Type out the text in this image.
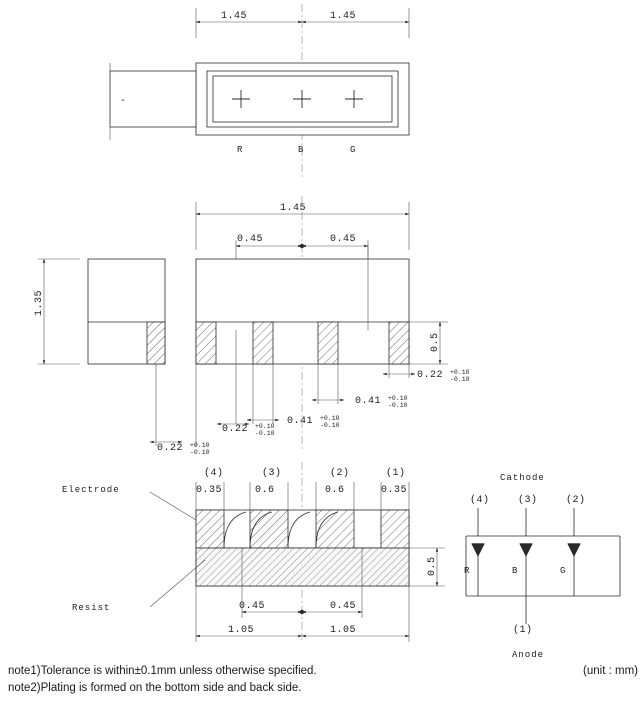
1.45	1.45
-
R	B	G
1.45
0.45	0.45
1.35
0.5
0.22 +0.10
-0.10
0.41 +0.10
-0.10
0.41 +0.10
-0.10
0.22 +0.10
-0.10
0.22 +0.10
-0.10
(4)	(3)	(2)	(1)
0.35	0.6	0.6	0.35
Electrode
Resist
0.5
0.45	0.45
1.05	1.05
Cathode
Anode
(4)	(3)	(2)
(1)
R	B	G
note1)Tolerance is within±0.1mm unless otherwise specified.	(unit : mm)
note2)Plating is formed on the bottom side and back side.
